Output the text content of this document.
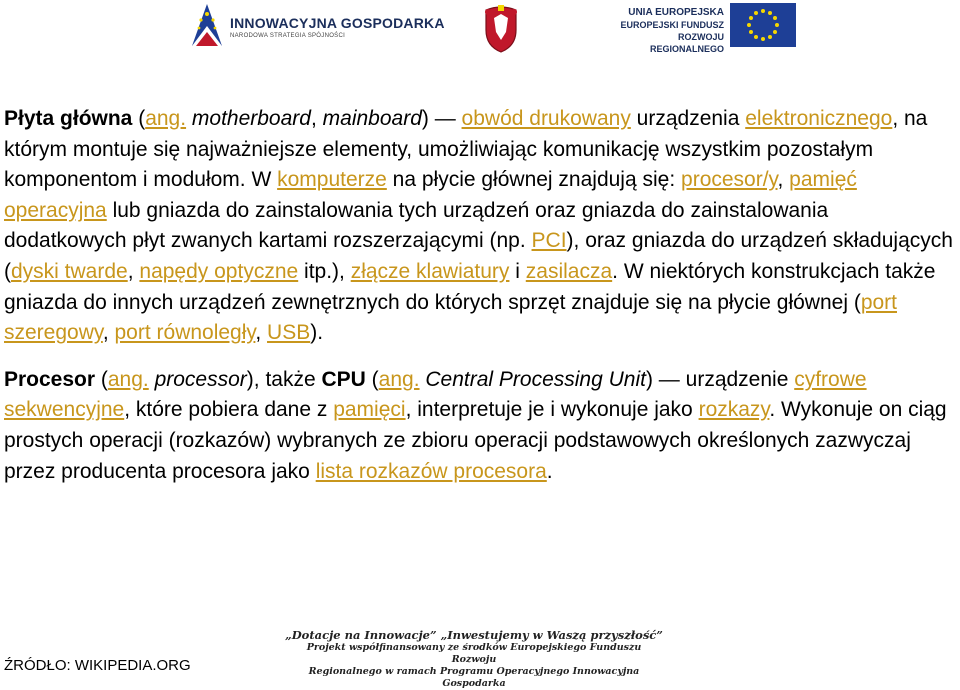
INNOWACYJNA GOSPODARKA
NARODOWA STRATEGIA SPÓJNOŚCI
UNIA EUROPEJSKA
EUROPEJSKI FUNDUSZ
ROZWOJU REGIONALNEGO

Płyta główna (ang. motherboard, mainboard) — obwód drukowany urządzenia elektronicznego, na którym montuje się najważniejsze elementy, umożliwiając komunikację wszystkim pozostałym komponentom i modułom. W komputerze na płycie głównej znajdują się: procesor/y, pamięć operacyjna lub gniazda do zainstalowania tych urządzeń oraz gniazda do zainstalowania dodatkowych płyt zwanych kartami rozszerzającymi (np. PCI), oraz gniazda do urządzeń składujących (dyski twarde, napędy optyczne itp.), złącze klawiatury i zasilacza. W niektórych konstrukcjach także gniazda do innych urządzeń zewnętrznych do których sprzęt znajduje się na płycie głównej (port szeregowy, port równoległy, USB).

Procesor (ang. processor), także CPU (ang. Central Processing Unit) — urządzenie cyfrowe sekwencyjne, które pobiera dane z pamięci, interpretuje je i wykonuje jako rozkazy. Wykonuje on ciąg prostych operacji (rozkazów) wybranych ze zbioru operacji podstawowych określonych zazwyczaj przez producenta procesora jako lista rozkazów procesora.

ŹRÓDŁO: WIKIPEDIA.ORG
„Dotacje na Innowacje” „Inwestujemy w Waszą przyszłość”
Projekt współfinansowany ze środków Europejskiego Funduszu Rozwoju
Regionalnego w ramach Programu Operacyjnego Innowacyjna Gospodarka
